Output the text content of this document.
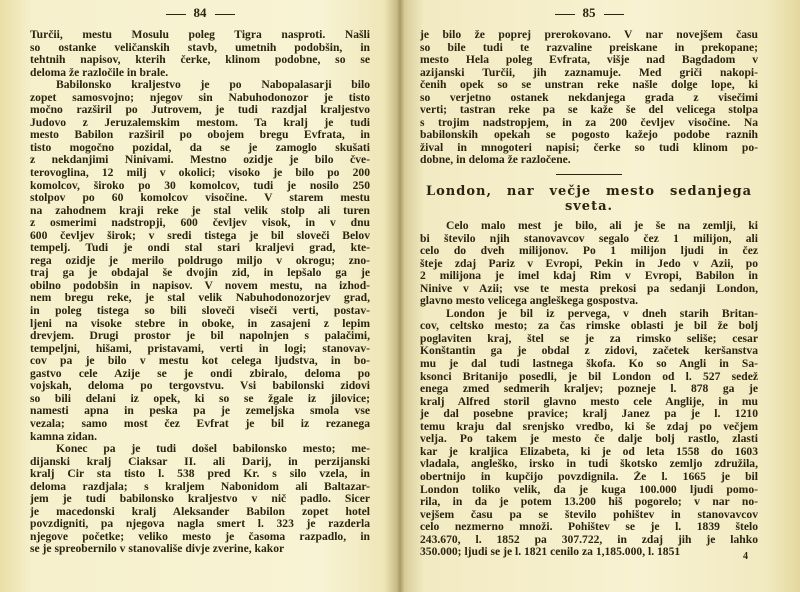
84
Turčii, mestu Mosulu poleg Tigra nasproti. Našli
so ostanke veličanskih stavb, umetnih podobšin, in
tehtnih napisov, kterih čerke, klinom podobne, so se
deloma že razločile in brale.
Babilonsko kraljestvo je po Nabopalasarji bilo
zopet samosvojno; njegov sin Nabuhodonozor je tisto
močno razširil po Jutrovem, je tudi razdjal kraljestvo
Judovo z Jeruzalemskim mestom. Ta kralj je tudi
mesto Babilon razširil po obojem bregu Evfrata, in
tisto mogočno pozidal, da se je zamoglo skušati
z nekdanjimi Ninivami. Mestno ozidje je bilo čve-
terovoglina, 12 milj v okolici; visoko je bilo po 200
komolcov, široko po 30 komolcov, tudi je nosilo 250
stolpov po 60 komolcov visočine. V starem mestu
na zahodnem kraji reke je stal velik stolp ali turen
z osmerimi nadstropji, 600 čevljev visok, in v dnu
600 čevljev širok; v sredi tistega je bil sloveči Belov
tempelj. Tudi je ondi stal stari kraljevi grad, kte-
rega ozidje je merilo poldrugo miljo v okrogu; zno-
traj ga je obdajal še dvojin zid, in lepšalo ga je
obilno podobšin in napisov. V novem mestu, na izhod-
nem bregu reke, je stal velik Nabuhodonozorjev grad,
in poleg tistega so bili sloveči viseči verti, postav-
ljeni na visoke stebre in oboke, in zasajeni z lepim
drevjem. Drugi prostor je bil napolnjen s palačimi,
tempeljni, hišami, pristavami, verti in logi; stanovav-
cov pa je bilo v mestu kot celega ljudstva, in bo-
gastvo cele Azije se je ondi zbiralo, deloma po
vojskah, deloma po tergovstvu. Vsi babilonski zidovi
so bili delani iz opek, ki so se žgale iz jilovice;
namesti apna in peska pa je zemeljska smola vse
vezala; samo most čez Evfrat je bil iz rezanega
kamna zidan.
Konec pa je tudi došel babilonsko mesto; me-
dijanski kralj Ciaksar II. ali Darij, in perzijanski
kralj Cir sta tisto l. 538 pred Kr. s silo vzela, in
deloma razdjala; s kraljem Nabonidom ali Baltazar-
jem je tudi babilonsko kraljestvo v nič padlo. Sicer
je macedonski kralj Aleksander Babilon zopet hotel
povzdigniti, pa njegova nagla smert l. 323 je razderla
njegove početke; veliko mesto je časoma razpadlo, in
se je spreobernilo v stanovališe divje zverine, kakor
85
je bilo že poprej prerokovano. V nar novejšem času
so bile tudi te razvaline preiskane in prekopane;
mesto Hela poleg Evfrata, višje nad Bagdadom v
azijanski Turčii, jih zaznamuje. Med griči nakopi-
čenih opek so se unstran reke našle dolge lope, ki
so verjetno ostanek nekdanjega grada z visečimi
verti; tastran reke pa se kaže še del velicega stolpa
s trojim nadstropjem, in za 200 čevljev visočine. Na
babilonskih opekah se pogosto kažejo podobe raznih
žival in mnogoteri napisi; čerke so tudi klinom po-
dobne, in deloma že razločene.
London, nar večje mesto sedanjega
sveta.
Celo malo mest je bilo, ali je še na zemlji, ki
bi število njih stanovavcov segalo čez 1 milijon, ali
celo do dveh milijonov. Po 1 milijon ljudi in čez
šteje zdaj Pariz v Evropi, Pekin in Jedo v Azii, po
2 milijona je imel kdaj Rim v Evropi, Babilon in
Ninive v Azii; vse te mesta prekosi pa sedanji London,
glavno mesto velicega angleškega gospostva.
London je bil iz pervega, v dneh starih Britan-
cov, celtsko mesto; za čas rimske oblasti je bil že bolj
poglaviten kraj, štel se je za rimsko seliše; cesar
Konštantin ga je obdal z zidovi, začetek keršanstva
mu je dal tudi lastnega škofa. Ko so Angli in Sa-
ksonci Britanijo posedli, je bil London od l. 527 sedež
enega zmed sedmerih kraljev; pozneje l. 878 ga je
kralj Alfred storil glavno mesto cele Anglije, in mu
je dal posebne pravice; kralj Janez pa je l. 1210
temu kraju dal srenjsko vredbo, ki še zdaj po večjem
velja. Po takem je mesto če dalje bolj rastlo, zlasti
kar je kraljica Elizabeta, ki je od leta 1558 do 1603
vladala, angleško, irsko in tudi škotsko zemljo združila,
obertnijo in kupčijo povzdignila. Že l. 1665 je bil
London toliko velik, da je kuga 100.000 ljudi pomo-
rila, in da je potem 13.200 hiš pogorelo; v nar no-
vejšem času pa se število pohištev in stanovavcov
celo nezmerno množi. Pohištev se je l. 1839 štelo
243.670, l. 1852 pa 307.722, in zdaj jih je lahko
350.000; ljudi se je l. 1821 cenilo za 1,185.000, l. 1851	4
